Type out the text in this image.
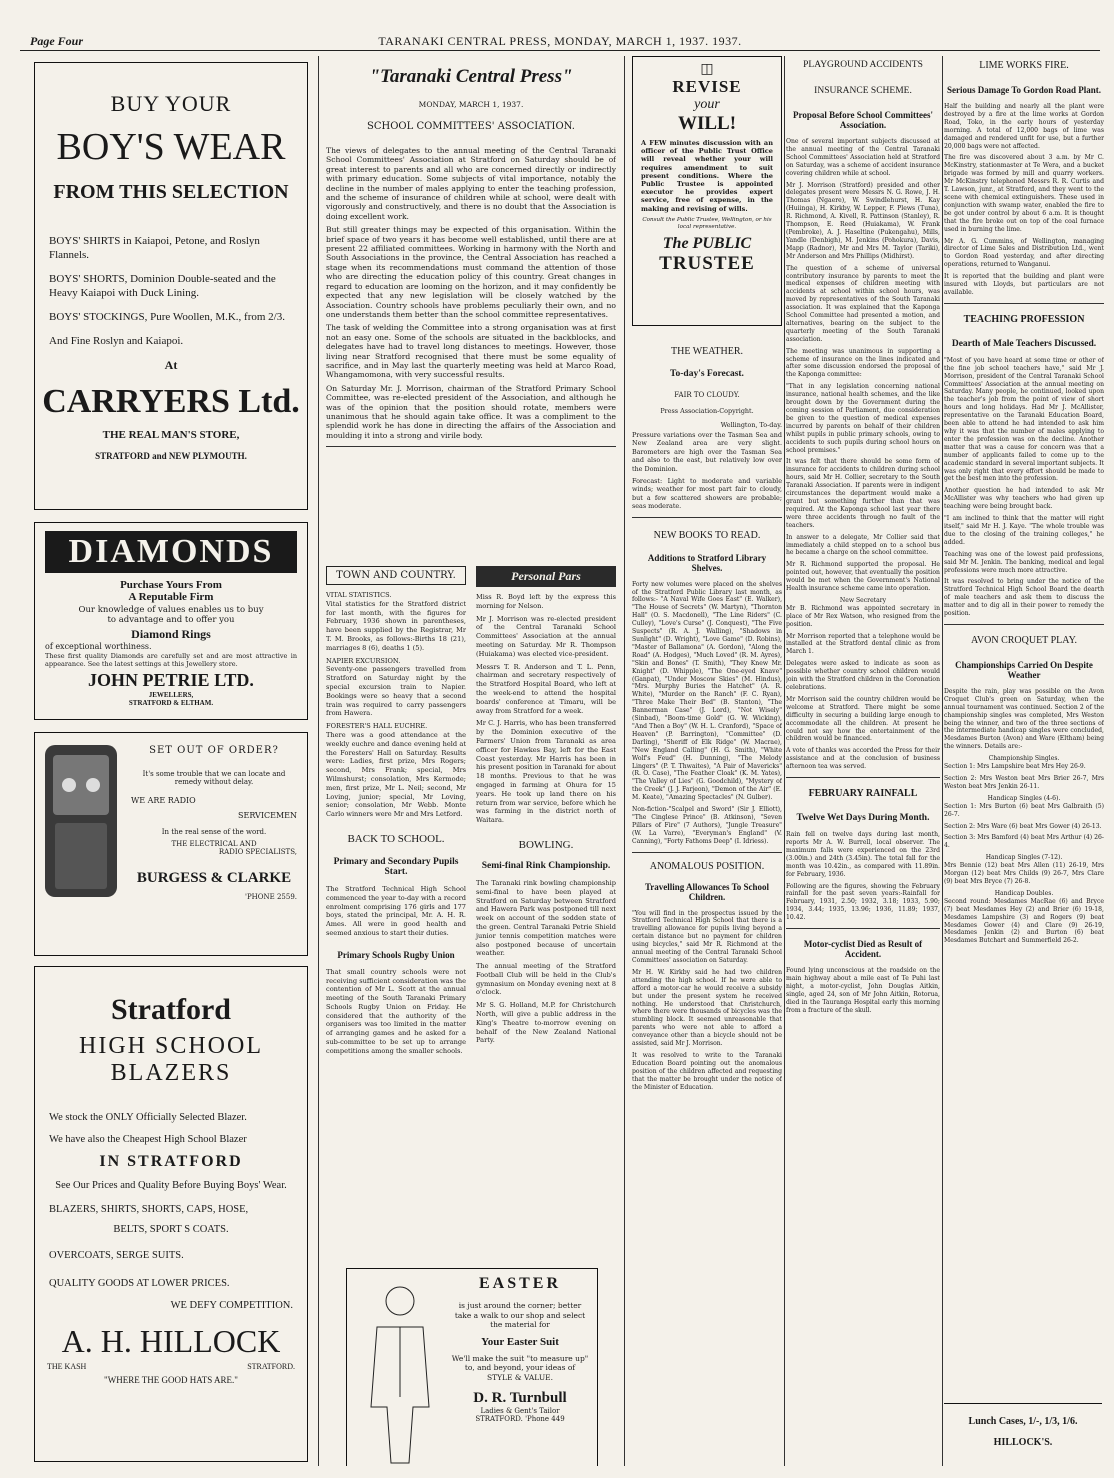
Page Four	TARANAKI CENTRAL PRESS, MONDAY, MARCH 1, 1937. 1937.
BUY YOUR
BOY'S WEAR
FROM THIS SELECTION

BOYS' SHIRTS in Kaiapoi, Petone, and Roslyn Flannels.

BOYS' SHORTS, Dominion Double-seated and the Heavy Kaiapoi with Duck Lining.

BOYS' STOCKINGS, Pure Woollen, M.K., from 2/3.

And Fine Roslyn and Kaiapoi.

At
CARRYERS Ltd.
THE REAL MAN'S STORE,
STRATFORD and NEW PLYMOUTH.
DIAMONDS
Purchase Yours From
A Reputable Firm
Our knowledge of values enables us to buy to advantage and to offer you
Diamond Rings
of exceptional worthiness.
These first quality Diamonds are carefully set and are most attractive in appearance. See the latest settings at this Jewellery store.
JOHN PETRIE LTD.
JEWELLERS,
STRATFORD & ELTHAM.
SET OUT OF ORDER?
It's some trouble that we can locate and remedy without delay.
WE ARE RADIO
SERVICEMEN
In the real sense of the word.
THE ELECTRICAL AND
RADIO SPECIALISTS,
BURGESS & CLARKE
'PHONE 2559.
Stratford
HIGH SCHOOL
BLAZERS

We stock the ONLY Officially Selected Blazer.

We have also the Cheapest High School Blazer

IN STRATFORD

See Our Prices and Quality Before Buying Boys' Wear.

BLAZERS, SHIRTS, SHORTS, CAPS, HOSE,

BELTS, SPORT S COATS.

OVERCOATS, SERGE SUITS.

QUALITY GOODS AT LOWER PRICES.

WE DEFY COMPETITION.

A. H. HILLOCK
THE KASH	STRATFORD.
"WHERE THE GOOD HATS ARE."
"Taranaki Central Press"
MONDAY, MARCH 1, 1937.
SCHOOL COMMITTEES' ASSOCIATION.

The views of delegates to the annual meeting of the Central Taranaki School Committees' Association at Stratford on Saturday should be of great interest to parents and all who are concerned directly or indirectly with primary education. Some subjects of vital importance, notably the decline in the number of males applying to enter the teaching profession, and the scheme of insurance of children while at school, were dealt with vigorously and constructively, and there is no doubt that the Association is doing excellent work.

But still greater things may be expected of this organisation. Within the brief space of two years it has become well established, until there are at present 22 affiliated committees. Working in harmony with the North and South Associations in the province, the Central Association has reached a stage when its recommendations must command the attention of those who are directing the education policy of this country. Great changes in regard to education are looming on the horizon, and it may confidently be expected that any new legislation will be closely watched by the Association. Country schools have problems peculiarly their own, and no one understands them better than the school committee representatives.

The task of welding the Committee into a strong organisation was at first not an easy one. Some of the schools are situated in the backblocks, and delegates have had to travel long distances to meetings. However, those living near Stratford recognised that there must be some equality of sacrifice, and in May last the quarterly meeting was held at Marco Road, Whangamomona, with very successful results.

On Saturday Mr. J. Morrison, chairman of the Stratford Primary School Committee, was re-elected president of the Association, and although he was of the opinion that the position should rotate, members were unanimous that he should again take office. It was a compliment to the splendid work he has done in directing the affairs of the Association and moulding it into a strong and virile body.

TOWN AND COUNTRY.
VITAL STATISTICS.

Vital statistics for the Stratford district for last month, with the figures for February, 1936 shown in parentheses, have been supplied by the Registrar, Mr T. M. Brooks, as follows:-Births 18 (21), marriages 8 (6), deaths 1 (5).

NAPIER EXCURSION.

Seventy-one passengers travelled from Stratford on Saturday night by the special excursion train to Napier. Bookings were so heavy that a second train was required to carry passengers from Hawera.

FORESTER'S HALL EUCHRE.

There was a good attendance at the weekly euchre and dance evening held at the Foresters' Hall on Saturday. Results were: Ladies, first prize, Mrs Rogers; second, Mrs Frank; special, Mrs Wilmshurst; consolation, Mrs Kermode; men, first prize, Mr L. Neil; second, Mr Loving, junior; special, Mr Loving, senior; consolation, Mr Webb. Monte Carlo winners were Mr and Mrs Letford.

BACK TO SCHOOL.
Primary and Secondary Pupils Start.

The Stratford Technical High School commenced the year to-day with a record enrolment comprising 176 girls and 177 boys, stated the principal, Mr. A. H. R. Ames. All were in good health and seemed anxious to start their duties.

Primary Schools Rugby Union

That small country schools were not receiving sufficient consideration was the contention of Mr L. Scott at the annual meeting of the South Taranaki Primary Schools Rugby Union on Friday. He considered that the authority of the organisers was too limited in the matter of arranging games and he asked for a sub-committee to be set up to arrange competitions among the smaller schools.

Personal Pars

Miss R. Boyd left by the express this morning for Nelson.

Mr J. Morrison was re-elected president of the Central Taranaki School Committees' Association at the annual meeting on Saturday. Mr R. Thompson (Huiakama) was elected vice-president.

Messrs T. R. Anderson and T. L. Penn, chairman and secretary respectively of the Stratford Hospital Board, who left at the week-end to attend the hospital boards' conference at Timaru, will be away from Stratford for a week.

Mr C. J. Harris, who has been transferred by the Dominion executive of the Farmers' Union from Taranaki as area officer for Hawkes Bay, left for the East Coast yesterday. Mr Harris has been in his present position in Taranaki for about 18 months. Previous to that he was engaged in farming at Ohura for 15 years. He took up land there on his return from war service, before which he was farming in the district north of Waitara.

BOWLING.
Semi-final Rink Championship.

The Taranaki rink bowling championship semi-final to have been played at Stratford on Saturday between Stratford and Hawera Park was postponed till next week on account of the sodden state of the green. Central Taranaki Petrie Shield junior tennis competition matches were also postponed because of uncertain weather.

The annual meeting of the Stratford Football Club will be held in the Club's gymnasium on Monday evening next at 8 o'clock.

Mr S. G. Holland, M.P. for Christchurch North, will give a public address in the King's Theatre to-morrow evening on behalf of the New Zealand National Party.

EASTER
is just around the corner; better take a walk to our shop and select the material for
Your Easter Suit
We'll make the suit "to measure up" to, and beyond, your ideas of STYLE & VALUE.
D. R. Turnbull
Ladies & Gent's Tailor
STRATFORD. 'Phone 449
◫
REVISE
your
WILL!

A FEW minutes discussion with an officer of the Public Trust Office will reveal whether your will requires amendment to suit present conditions. Where the Public Trustee is appointed executor he provides expert service, free of expense, in the making and revising of wills.

Consult the Public Trustee, Wellington, or his local representative.

The PUBLIC
TRUSTEE
THE WEATHER.
To-day's Forecast.
FAIR TO CLOUDY.
Press Association-Copyright.
Wellington, To-day.

Pressure variations over the Tasman Sea and New Zealand area are very slight. Barometers are high over the Tasman Sea and also to the east, but relatively low over the Dominion.

Forecast: Light to moderate and variable winds; weather for most part fair to cloudy, but a few scattered showers are probable; seas moderate.

NEW BOOKS TO READ.
Additions to Stratford Library Shelves.

Forty new volumes were placed on the shelves of the Stratford Public Library last month, as follows:- "A Naval Wife Goes East" (E. Walker), "The House of Secrets" (W. Martyn), "Thornton Hall" (O. S. Macdonell), "The Line Riders" (C. Culley), "Love's Curse" (J. Conquest), "The Five Suspects" (R. A. J. Walling), "Shadows in Sunlight" (D. Wright), "Love Game" (D. Robins), "Master of Ballamona" (A. Gordon), "Along the Road" (A. Hodges), "Much Loved" (R. M. Ayres), "Skin and Bones" (T. Smith), "They Knew Mr. Knight" (D. Whipple), "The One-eyed Knave" (Ganpat), "Under Moscow Skies" (M. Hindus), "Mrs. Murphy Buries the Hatchet" (A. R. White), "Murder on the Ranch" (F. C. Ryan), "Three Make Their Bed" (B. Stanton), "The Bannerman Case" (J. Lord), "Not Wisely" (Sinbad), "Boom-time Gold" (G. W. Wicking), "And Then a Boy" (W. H. L. Cranford), "Space of Heaven" (P. Barrington), "Committee" (D. Darling), "Sheriff of Elk Ridge" (W. Macrae), "New England Calling" (H. G. Smith), "White Wolf's Feud" (H. Dunning), "The Melody Lingers" (P. T. Thwaites), "A Pair of Mavericks" (R. O. Case), "The Feather Cloak" (K. M. Yates), "The Valley of Lies" (G. Goodchild), "Mystery of the Creek" (J. J. Farjeon), "Demon of the Air" (E. M. Keate), "Amazing Spectacles" (N. Gulber).

Non-fiction-"Scalpel and Sword" (Sir J. Elliott), "The Cinglese Prince" (B. Atkinson), "Seven Pillars of Fire" (7 Authors), "Jungle Treasure" (W. La Varre), "Everyman's England" (V. Canning), "Forty Fathoms Deep" (I. Idriess).

ANOMALOUS POSITION.
Travelling Allowances To School Children.

"You will find in the prospectus issued by the Stratford Technical High School that there is a travelling allowance for pupils living beyond a certain distance but no payment for children using bicycles," said Mr R. Richmond at the annual meeting of the Central Taranaki School Committees' association on Saturday.

Mr H. W. Kirkby said he had two children attending the high school. If he were able to afford a motor-car he would receive a subsidy but under the present system he received nothing. He understood that Christchurch, where there were thousands of bicycles was the stumbling block. It seemed unreasonable that parents who were not able to afford a conveyance other than a bicycle should not be assisted, said Mr J. Morrison.

It was resolved to write to the Taranaki Education Board pointing out the anomalous position of the children affected and requesting that the matter be brought under the notice of the Minister of Education.

PLAYGROUND ACCIDENTS
INSURANCE SCHEME.
Proposal Before School Committees' Association.

One of several important subjects discussed at the annual meeting of the Central Taranaki School Committees' Association held at Stratford on Saturday, was a scheme of accident insurance covering children while at school.

Mr J. Morrison (Stratford) presided and other delegates present were Messrs N. G. Rowe, J. H. Thomas (Ngaere), W. Swindlehurst, H. Kay (Huiinga), H. Kirkby, W. Lepper, F. Plews (Tuna), R. Richmond, A. Kivell, R. Pattinson (Stanley), R. Thompson, E. Reed (Huiakama), W. Frank (Pembroke), A. J. Haseltine (Pukengahu), Mills, Yandle (Denbigh), M. Jenkins (Pohokura), Davis, Mapp (Radnor), Mr and Mrs M. Taylor (Tariki), Mr Anderson and Mrs Phillips (Midhirst).

The question of a scheme of universal contributory insurance by parents to meet the medical expenses of children meeting with accidents at school within school hours, was moved by representatives of the South Taranaki association. It was explained that the Kaponga School Committee had presented a motion, and alternatives, bearing on the subject to the quarterly meeting of the South Taranaki association.

The meeting was unanimous in supporting a scheme of insurance on the lines indicated and after some discussion endorsed the proposal of the Kaponga committee:

"That in any legislation concerning national insurance, national health schemes, and the like brought down by the Government during the coming session of Parliament, due consideration be given to the question of medical expenses incurred by parents on behalf of their children whilst pupils in public primary schools, owing to accidents to such pupils during school hours on school premises."

It was felt that there should be some form of insurance for accidents to children during school hours, said Mr H. Collier, secretary to the South Taranaki Association. If parents were in indigent circumstances the department would make a grant but something further than that was required. At the Kaponga school last year there were three accidents through no fault of the teachers.

In answer to a delegate, Mr Collier said that immediately a child stepped on to a school bus he became a charge on the school committee.

Mr R. Richmond supported the proposal. He pointed out, however, that eventually the position would be met when the Government's National Health insurance scheme came into operation.

New Secretary

Mr B. Richmond was appointed secretary in place of Mr Rex Watson, who resigned from the position.

Mr Morrison reported that a telephone would be installed at the Stratford dental clinic as from March 1.

Delegates were asked to indicate as soon as possible whether country school children would join with the Stratford children in the Coronation celebrations.

Mr Morrison said the country children would be welcome at Stratford. There might be some difficulty in securing a building large enough to accommodate all the children. At present he could not say how the entertainment of the children would be financed.

A vote of thanks was accorded the Press for their assistance and at the conclusion of business afternoon tea was served.

FEBRUARY RAINFALL
Twelve Wet Days During Month.

Rain fell on twelve days during last month, reports Mr A. W. Burrell, local observer. The maximum falls were experienced on the 23rd (3.00in.) and 24th (3.45in). The total fall for the month was 10.42in., as compared with 11.89in. for February, 1936.

Following are the figures, showing the February rainfall for the past seven years:-Rainfall for February, 1931, 2.50; 1932, 3.18; 1933, 5.90; 1934, 3.44; 1935, 13.96; 1936, 11.89; 1937, 10.42.

Motor-cyclist Died as Result of Accident.

Found lying unconscious at the roadside on the main highway about a mile east of Te Puhi last night, a motor-cyclist, John Douglas Aitkin, single, aged 24, son of Mr John Aitkin, Rotorua, died in the Tauranga Hospital early this morning from a fracture of the skull.

LIME WORKS FIRE.
Serious Damage To Gordon Road Plant.

Half the building and nearly all the plant were destroyed by a fire at the lime works at Gordon Road, Toko, in the early hours of yesterday morning. A total of 12,000 bags of lime was damaged and rendered unfit for use, but a further 20,000 bags were not affected.

The fire was discovered about 3 a.m. by Mr C. McKinstry, stationmaster at Te Wera, and a bucket brigade was formed by mill and quarry workers. Mr McKinstry telephoned Messrs R. R. Curtis and T. Lawson, junr., at Stratford, and they went to the scene with chemical extinguishers. These used in conjunction with swamp water, enabled the fire to be got under control by about 6 a.m. It is thought that the fire broke out on top of the coal furnace used in burning the lime.

Mr A. G. Cummins, of Wellington, managing director of Lime Sales and Distribution Ltd., went to Gordon Road yesterday, and after directing operations, returned to Wanganui.

It is reported that the building and plant were insured with Lloyds, but particulars are not available.

TEACHING PROFESSION
Dearth of Male Teachers Discussed.

"Most of you have heard at some time or other of the fine job school teachers have," said Mr J. Morrison, president of the Central Taranaki School Committees' Association at the annual meeting on Saturday. Many people, he continued, looked upon the teacher's job from the point of view of short hours and long holidays. Had Mr J. McAllister, representative on the Taranaki Education Board, been able to attend he had intended to ask him why it was that the number of males applying to enter the profession was on the decline. Another matter that was a cause for concern was that a number of applicants failed to come up to the academic standard in several important subjects. It was only right that every effort should be made to get the best men into the profession.

Another question he had intended to ask Mr McAllister was why teachers who had given up teaching were being brought back.

"I am inclined to think that the matter will right itself," said Mr H. J. Kaye. "The whole trouble was due to the closing of the training colleges," he added.

Teaching was one of the lowest paid professions, said Mr M. Jenkin. The banking, medical and legal professions were much more attractive.

It was resolved to bring under the notice of the Stratford Technical High School Board the dearth of male teachers and ask them to discuss the matter and to dig all in their power to remedy the position.

AVON CROQUET PLAY.
Championships Carried On Despite Weather

Despite the rain, play was possible on the Avon Croquet Club's green on Saturday, when the annual tournament was continued. Section 2 of the championship singles was completed, Mrs Weston being the winner, and two of the three sections of the intermediate handicap singles were concluded, Mesdames Burton (Avon) and Ware (Eltham) being the winners. Details are:-

Championship Singles.

Section 1: Mrs Lampshire beat Mrs Hey 26-9.

Section 2: Mrs Weston beat Mrs Brier 26-7, Mrs Weston beat Mrs Jenkin 26-11.

Handicap Singles (4-6).

Section 1: Mrs Burton (6) beat Mrs Galbraith (5) 26-7.

Section 2: Mrs Ware (6) beat Mrs Gower (4) 26-13.

Section 3: Mrs Bamford (4) beat Mrs Arthur (4) 26-4.

Handicap Singles (7-12).

Mrs Bennie (12) beat Mrs Allen (11) 26-19, Mrs Morgan (12) beat Mrs Childs (9) 26-7, Mrs Clare (9) beat Mrs Bryce (7) 26-8.

Handicap Doubles.

Second round: Mesdames MacRae (6) and Bryce (7) beat Mesdames Hey (2) and Brier (6) 19-18, Mesdames Lampshire (3) and Rogers (9) beat Mesdames Gower (4) and Clare (9) 26-19, Mesdames Jenkin (2) and Burton (6) beat Mesdames Butchart and Summerfield 26-2.

Lunch Cases, 1/-, 1/3, 1/6.
HILLOCK'S.
